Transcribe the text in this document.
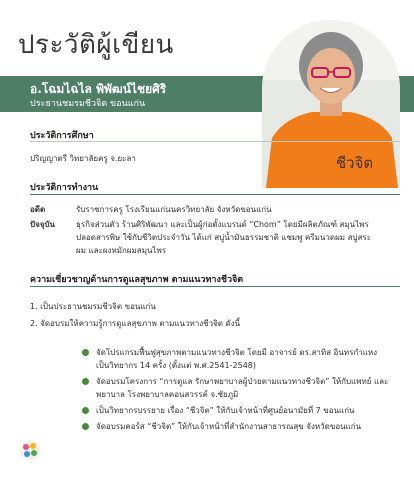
ประวัติผู้เขียน
อ.โฉมไฉไล พิพัฒน์ไชยศิริ
ประธานชมรมชีวจิต ขอนแก่น
ชีวจิต
ประวัติการศึกษา
ปริญญาตรี วิทยาลัยครู จ.ยะลา
ประวัติการทำงาน
อดีต	รับราชการครู โรงเรียนแก่นนครวิทยาลัย จังหวัดขอนแก่น
ปัจจุบัน	ธุรกิจส่วนตัว ร้านศิริพัฒนา และเป็นผู้ก่อตั้งแบรนด์ “Chom” โดยมีผลิตภัณฑ์ สมุนไพรปลอดสารพิษ ใช้กับชีวิตประจำวัน ได้แก่ สบู่น้ำมันธรรมชาติ แชมพู ครีมนวดผม สบู่สระผม และผงหมักผมสมุนไพร
ความเชี่ยวชาญด้านการดูแลสุขภาพ ตามแนวทางชีวจิต
1. เป็นประธานชมรมชีวจิต ขอนแก่น
2. จัดอบรมให้ความรู้การดูแลสุขภาพ ตามแนวทางชีวจิต ดังนี้
จัดโปรแกรมฟื้นฟูสุขภาพตามแนวทางชีวจิต โดยมี อาจารย์ ดร.สาทิส อินทรกำแหง เป็นวิทยากร 14 ครั้ง (ตั้งแต่ พ.ศ.2541-2548)
จัดอบรมโครงการ “การดูแล รักษาพยาบาลผู้ป่วยตามแนวทางชีวจิต” ให้กับแพทย์ และพยาบาล โรงพยาบาลคอนสวรรค์ จ.ชัยภูมิ
เป็นวิทยากรบรรยาย เรื่อง “ชีวจิต” ให้กับเจ้าหน้าที่ศูนย์อนามัยที่ 7 ขอนแก่น
จัดอบรมคอร์ส “ชีวจิต” ให้กับเจ้าหน้าที่สำนักงานสาธารณสุข จังหวัดขอนแก่น
